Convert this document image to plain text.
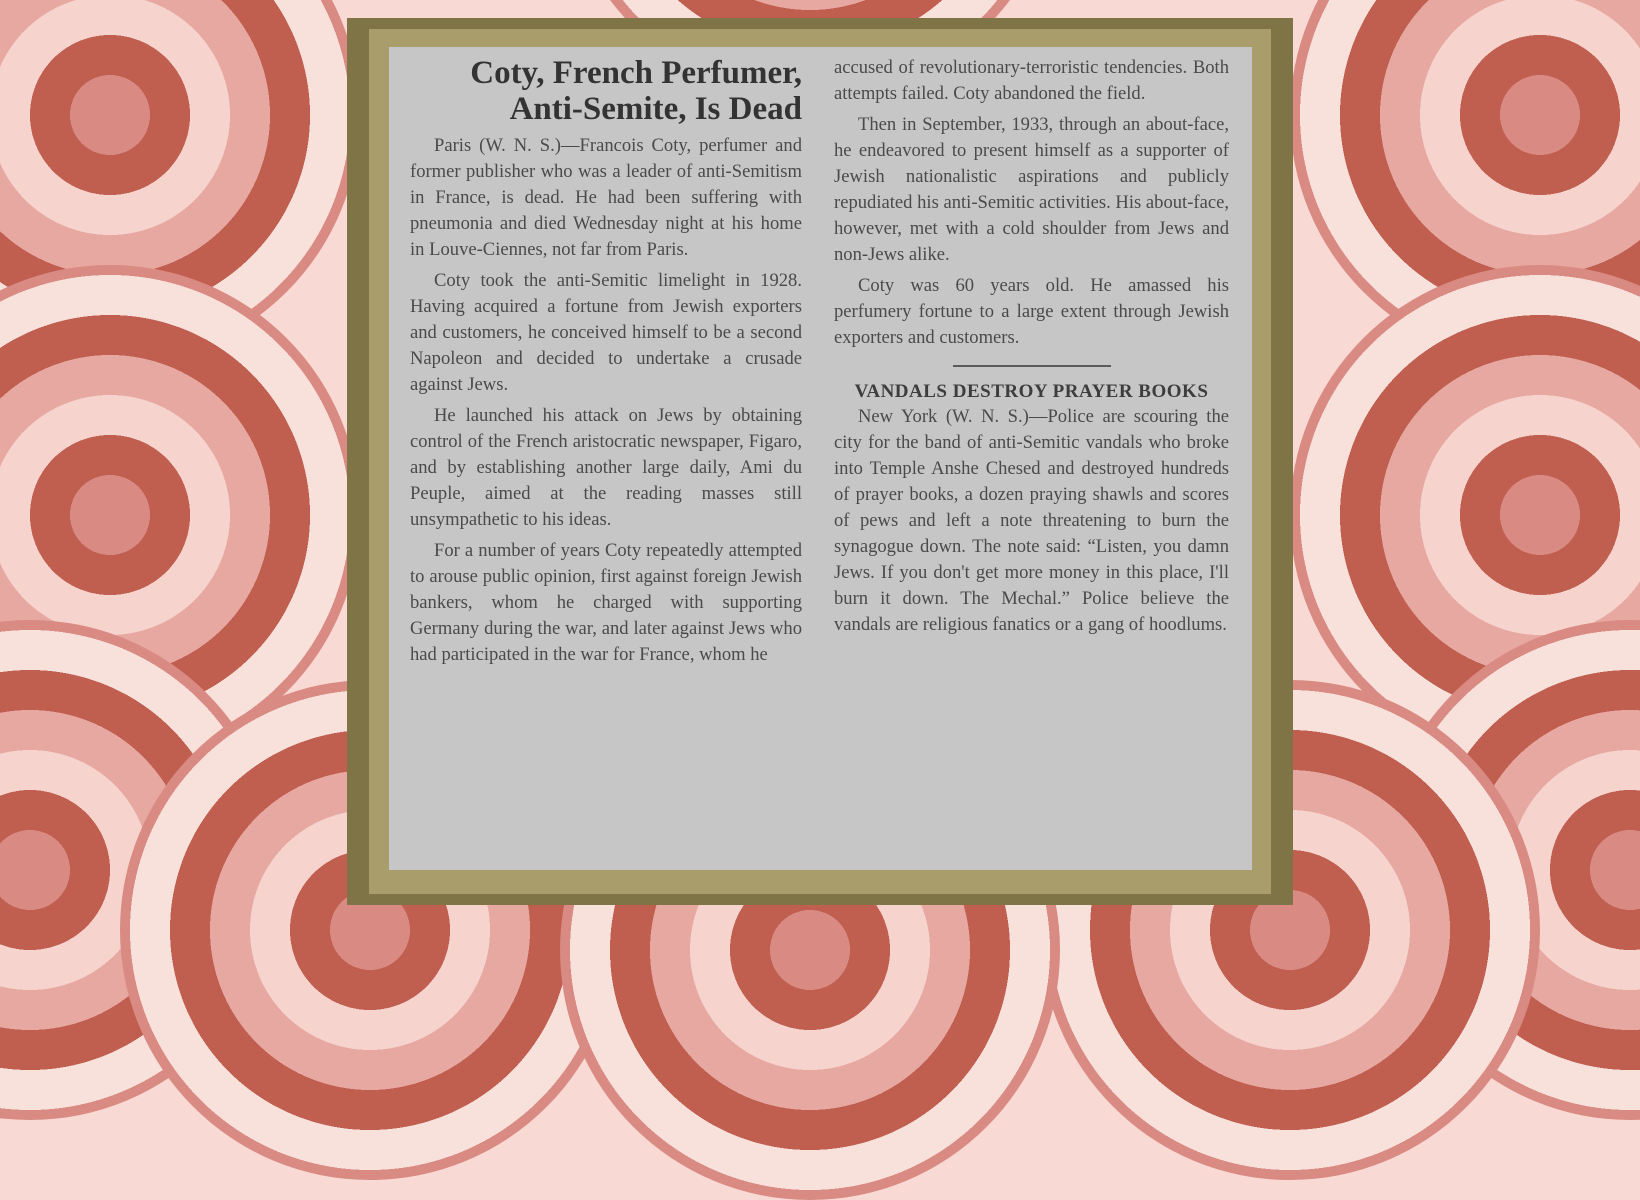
Coty, French Perfumer, Anti-Semite, Is Dead

Paris (W. N. S.)—Francois Coty, perfumer and former publisher who was a leader of anti-Semitism in France, is dead. He had been suffering with pneumonia and died Wednesday night at his home in Louve-Ciennes, not far from Paris.

Coty took the anti-Semitic limelight in 1928. Having acquired a fortune from Jewish exporters and customers, he conceived himself to be a second Napoleon and decided to undertake a crusade against Jews.

He launched his attack on Jews by obtaining control of the French aristocratic newspaper, Figaro, and by establishing another large daily, Ami du Peuple, aimed at the reading masses still unsympathetic to his ideas.

For a number of years Coty repeatedly attempted to arouse public opinion, first against foreign Jewish bankers, whom he charged with supporting Germany during the war, and later against Jews who had participated in the war for France, whom he

accused of revolutionary-terroristic tendencies. Both attempts failed. Coty abandoned the field.

Then in September, 1933, through an about-face, he endeavored to present himself as a supporter of Jewish nationalistic aspirations and publicly repudiated his anti-Semitic activities. His about-face, however, met with a cold shoulder from Jews and non-Jews alike.

Coty was 60 years old. He amassed his perfumery fortune to a large extent through Jewish exporters and customers.

VANDALS DESTROY PRAYER BOOKS

New York (W. N. S.)—Police are scouring the city for the band of anti-Semitic vandals who broke into Temple Anshe Chesed and destroyed hundreds of prayer books, a dozen praying shawls and scores of pews and left a note threatening to burn the synagogue down. The note said: “Listen, you damn Jews. If you don't get more money in this place, I'll burn it down. The Mechal.” Police believe the vandals are religious fanatics or a gang of hoodlums.
